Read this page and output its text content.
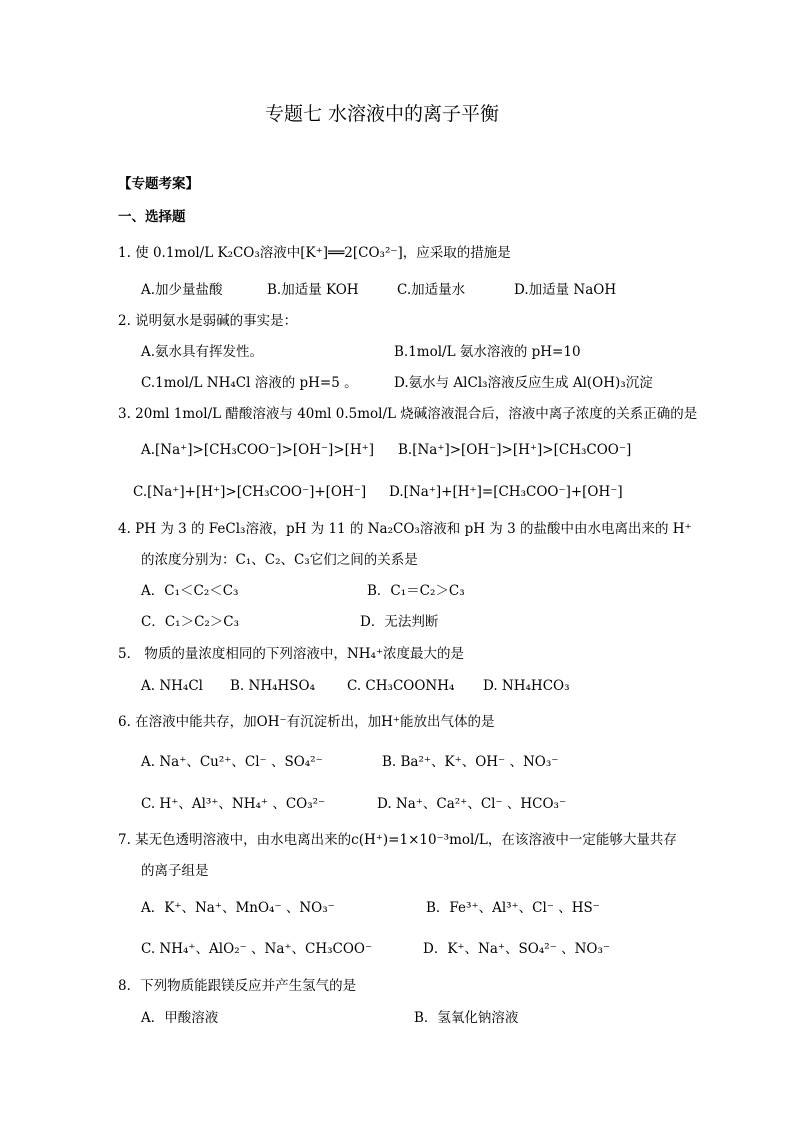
专题七 水溶液中的离子平衡
【专题考案】
一、选择题
1. 使 0.1mol/L K₂CO₃溶液中[K⁺]══2[CO₃²⁻]，应采取的措施是
A.加少量盐酸	B.加适量 KOH	C.加适量水	D.加适量 NaOH
2. 说明氨水是弱碱的事实是：
A.氨水具有挥发性。	B.1mol/L 氨水溶液的 pH=10
C.1mol/L NH₄Cl 溶液的 pH=5 。	D.氨水与 AlCl₃溶液反应生成 Al(OH)₃沉淀
3. 20ml 1mol/L 醋酸溶液与 40ml 0.5mol/L 烧碱溶液混合后，溶液中离子浓度的关系正确的是
A.[Na⁺]>[CH₃COO⁻]>[OH⁻]>[H⁺] B.[Na⁺]>[OH⁻]>[H⁺]>[CH₃COO⁻]
C.[Na⁺]+[H⁺]>[CH₃COO⁻]+[OH⁻] D.[Na⁺]+[H⁺]=[CH₃COO⁻]+[OH⁻]
4. PH 为 3 的 FeCl₃溶液，pH 为 11 的 Na₂CO₃溶液和 pH 为 3 的盐酸中由水电离出来的 H⁺
的浓度分别为：C₁、C₂、C₃它们之间的关系是
A．C₁＜C₂＜C₃	B．C₁＝C₂＞C₃
C．C₁＞C₂＞C₃	D．无法判断
5． 物质的量浓度相同的下列溶液中，NH₄⁺浓度最大的是
A. NH₄Cl B. NH₄HSO₄ C. CH₃COONH₄ D. NH₄HCO₃
6. 在溶液中能共存，加OH⁻有沉淀析出，加H⁺能放出气体的是
A. Na⁺、Cu²⁺、Cl⁻ 、SO₄²⁻	B. Ba²⁺、K⁺、OH⁻ 、NO₃⁻
C. H⁺、Al³⁺、NH₄⁺ 、CO₃²⁻	D. Na⁺、Ca²⁺、Cl⁻ 、HCO₃⁻
7. 某无色透明溶液中，由水电离出来的c(H⁺)=1×10⁻³mol/L，在该溶液中一定能够大量共存
的离子组是
A．K⁺、Na⁺、MnO₄⁻ 、NO₃⁻	B．Fe³⁺、Al³⁺、Cl⁻ 、HS⁻
C. NH₄⁺、AlO₂⁻ 、Na⁺、CH₃COO⁻	D．K⁺、Na⁺、SO₄²⁻ 、NO₃⁻
8．下列物质能跟镁反应并产生氢气的是
A．甲酸溶液	B．氢氧化钠溶液
